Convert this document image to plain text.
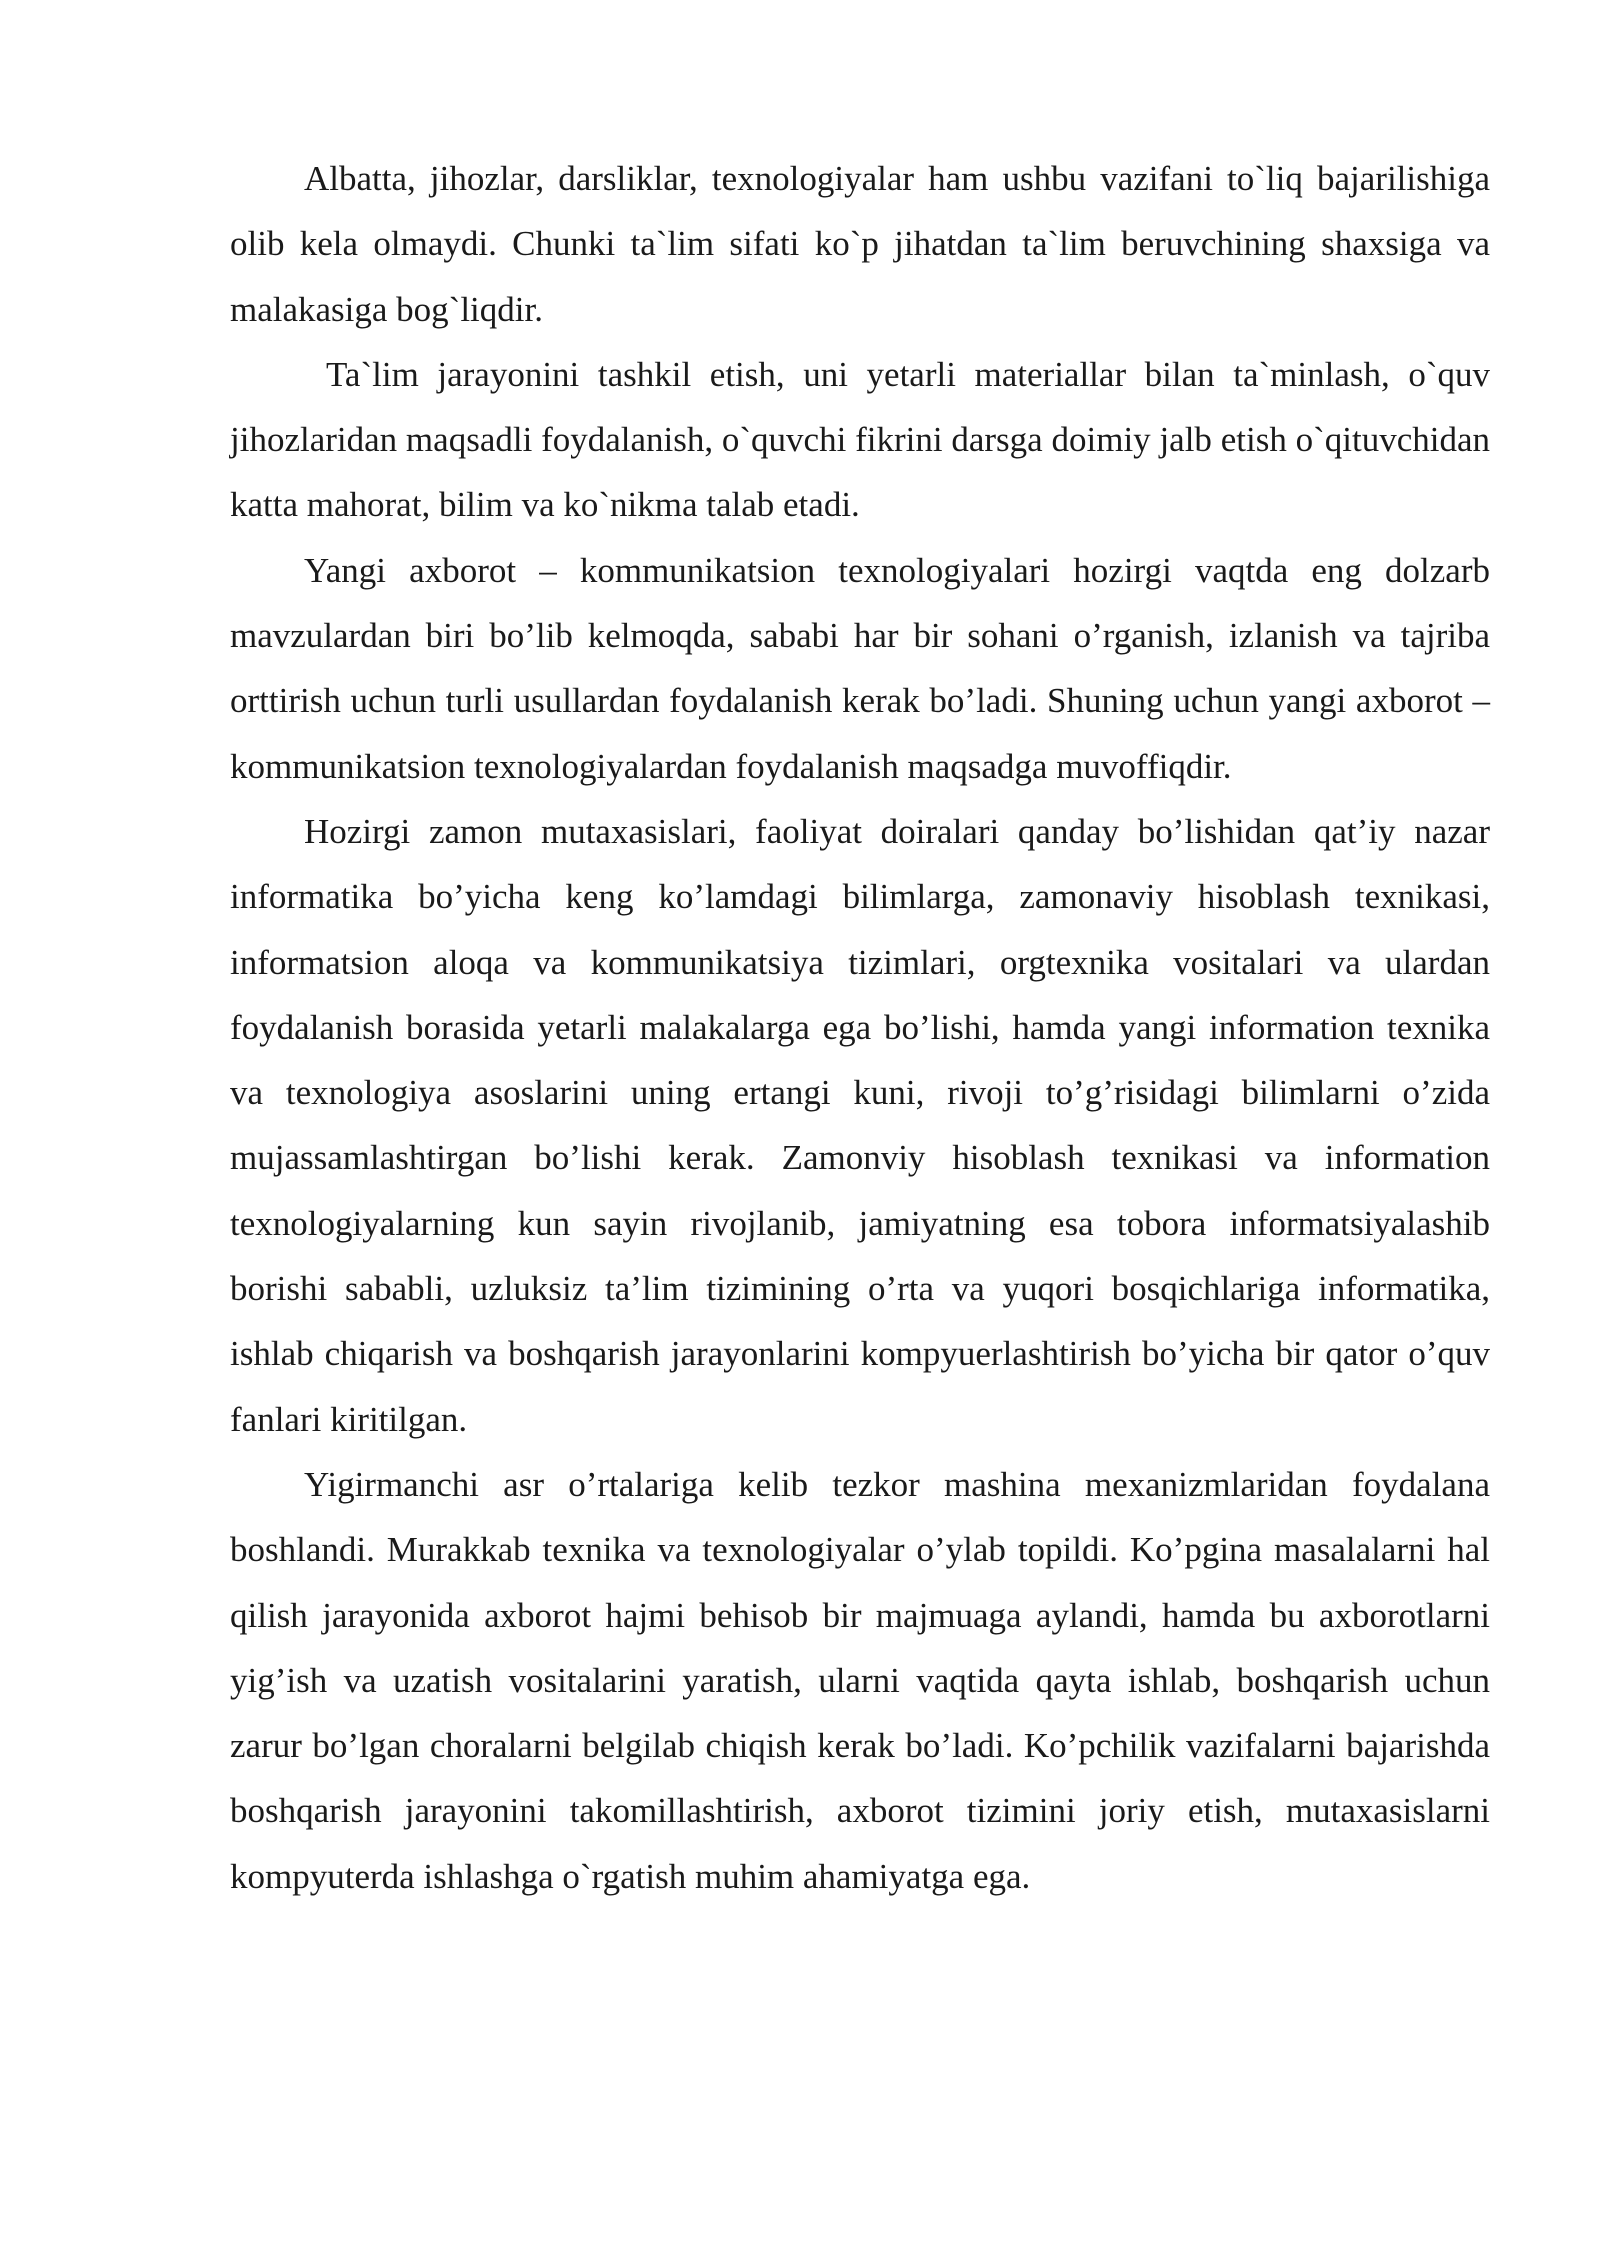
Albatta, jihozlar, darsliklar, texnologiyalar ham ushbu vazifani to`liq bajarilishiga olib kela olmaydi. Chunki ta`lim sifati ko`p jihatdan ta`lim beruvchining shaxsiga va malakasiga bog`liqdir.

Ta`lim jarayonini tashkil etish, uni yetarli materiallar bilan ta`minlash, o`quv jihozlaridan maqsadli foydalanish, o`quvchi fikrini darsga doimiy jalb etish o`qituvchidan katta mahorat, bilim va ko`nikma talab etadi.

Yangi axborot – kommunikatsion texnologiyalari hozirgi vaqtda eng dolzarb mavzulardan biri bo’lib kelmoqda, sababi har bir sohani o’rganish, izlanish va tajriba orttirish uchun turli usullardan foydalanish kerak bo’ladi. Shuning uchun yangi axborot – kommunikatsion texnologiyalardan foydalanish maqsadga muvoffiqdir.

Hozirgi zamon mutaxasislari, faoliyat doiralari qanday bo’lishidan qat’iy nazar informatika bo’yicha keng ko’lamdagi bilimlarga, zamonaviy hisoblash texnikasi, informatsion aloqa va kommunikatsiya tizimlari, orgtexnika vositalari va ulardan foydalanish borasida yetarli malakalarga ega bo’lishi, hamda yangi information texnika va texnologiya asoslarini uning ertangi kuni, rivoji to’g’risidagi bilimlarni o’zida mujassamlashtirgan bo’lishi kerak. Zamonviy hisoblash texnikasi va information texnologiyalarning kun sayin rivojlanib, jamiyatning esa tobora informatsiyalashib borishi sababli, uzluksiz ta’lim tizimining o’rta va yuqori bosqichlariga informatika, ishlab chiqarish va boshqarish jarayonlarini kompyuerlashtirish bo’yicha bir qator o’quv fanlari kiritilgan.

Yigirmanchi asr o’rtalariga kelib tezkor mashina mexanizmlaridan foydalana boshlandi. Murakkab texnika va texnologiyalar o’ylab topildi. Ko’pgina masalalarni hal qilish jarayonida axborot hajmi behisob bir majmuaga aylandi, hamda bu axborotlarni yig’ish va uzatish vositalarini yaratish, ularni vaqtida qayta ishlab, boshqarish uchun zarur bo’lgan choralarni belgilab chiqish kerak bo’ladi. Ko’pchilik vazifalarni bajarishda boshqarish jarayonini takomillashtirish, axborot tizimini joriy etish, mutaxasislarni kompyuterda ishlashga o`rgatish muhim ahamiyatga ega.
